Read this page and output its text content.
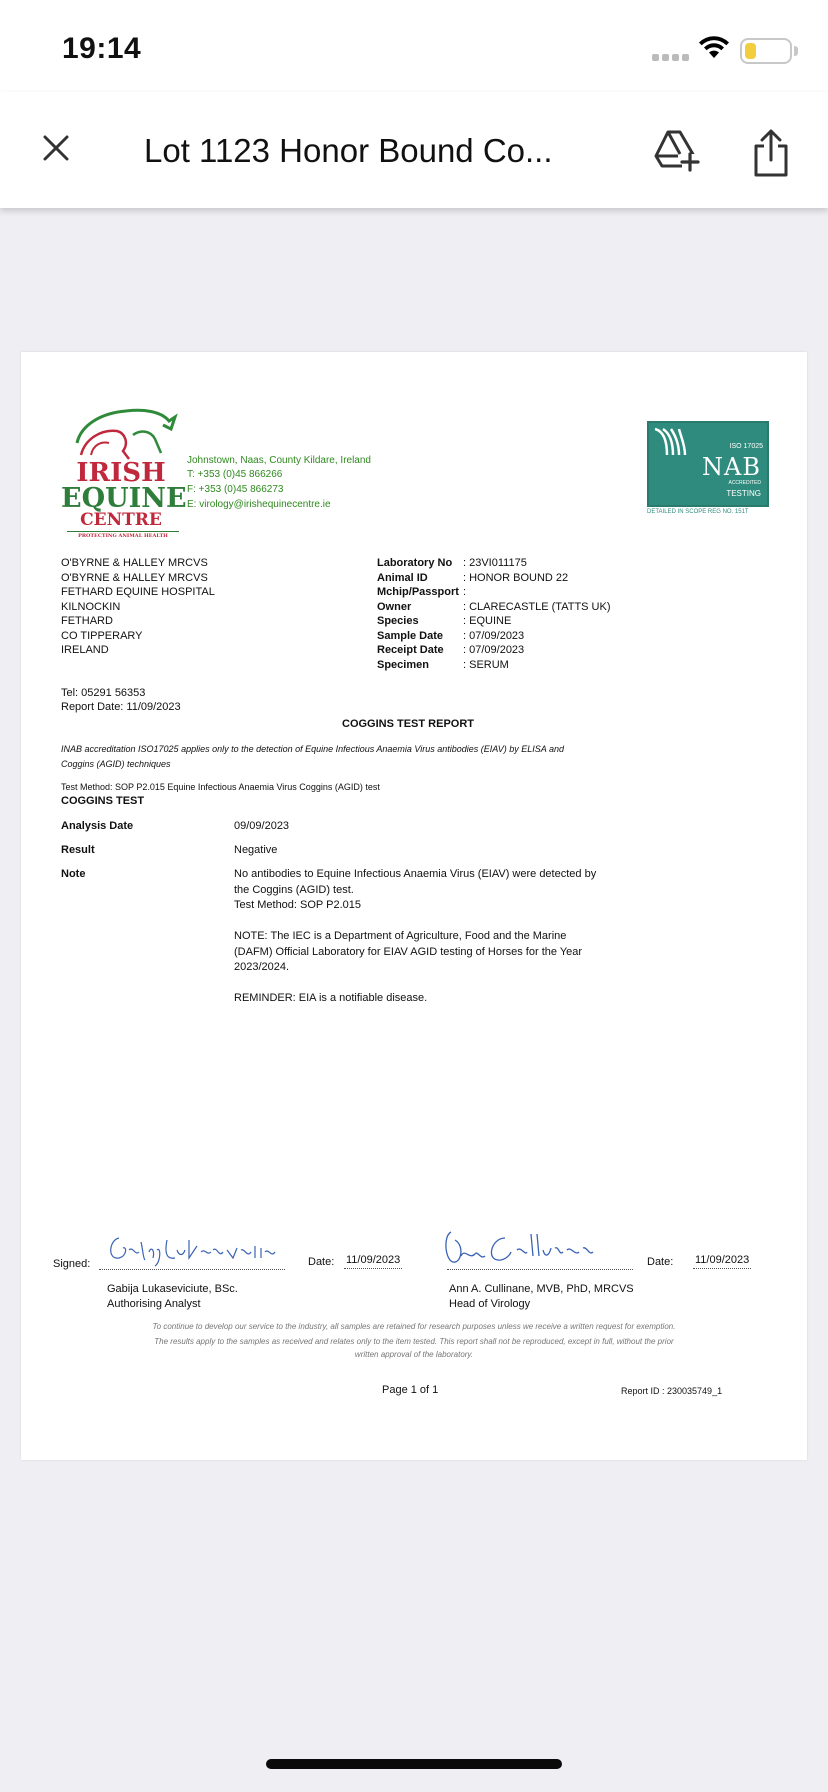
19:14
Lot 1123 Honor Bound Co...
IRISH
EQUINE
CENTRE
PROTECTING ANIMAL HEALTH
Johnstown, Naas, County Kildare, Ireland
T: +353 (0)45 866266
F: +353 (0)45 866273
E: virology@irishequinecentre.ie
ISO 17025
NAB
ACCREDITED
TESTING
DETAILED IN SCOPE REG NO. 151T
O'BYRNE & HALLEY MRCVS
O'BYRNE & HALLEY MRCVS
FETHARD EQUINE HOSPITAL
KILNOCKIN
FETHARD
CO TIPPERARY
IRELAND
Tel: 05291 56353
Report Date: 11/09/2023
Laboratory No : 23VI011175
Animal ID	: HONOR BOUND 22
Mchip/Passport :
Owner	: CLARECASTLE (TATTS UK)
Species	: EQUINE
Sample Date : 07/09/2023
Receipt Date : 07/09/2023
Specimen	: SERUM
COGGINS TEST REPORT
INAB accreditation ISO17025 applies only to the detection of Equine Infectious Anaemia Virus antibodies (EIAV) by ELISA and
Coggins (AGID) techniques
Test Method: SOP P2.015 Equine Infectious Anaemia Virus Coggins (AGID) test
COGGINS TEST
Analysis Date	09/09/2023
Result	Negative
Note	No antibodies to Equine Infectious Anaemia Virus (EIAV) were detected by
the Coggins (AGID) test.
Test Method: SOP P2.015
NOTE: The IEC is a Department of Agriculture, Food and the Marine
(DAFM) Official Laboratory for EIAV AGID testing of Horses for the Year
2023/2024.
REMINDER: EIA is a notifiable disease.
Signed:	Date: 11/09/2023	Date: 11/09/2023
Gabija Lukaseviciute, BSc.
Authorising Analyst
Ann A. Cullinane, MVB, PhD, MRCVS
Head of Virology
To continue to develop our service to the industry, all samples are retained for research purposes unless we receive a written request for exemption.
The results apply to the samples as received and relates only to the item tested. This report shall not be reproduced, except in full, without the prior
written approval of the laboratory.
Page 1 of 1	Report ID : 230035749_1
